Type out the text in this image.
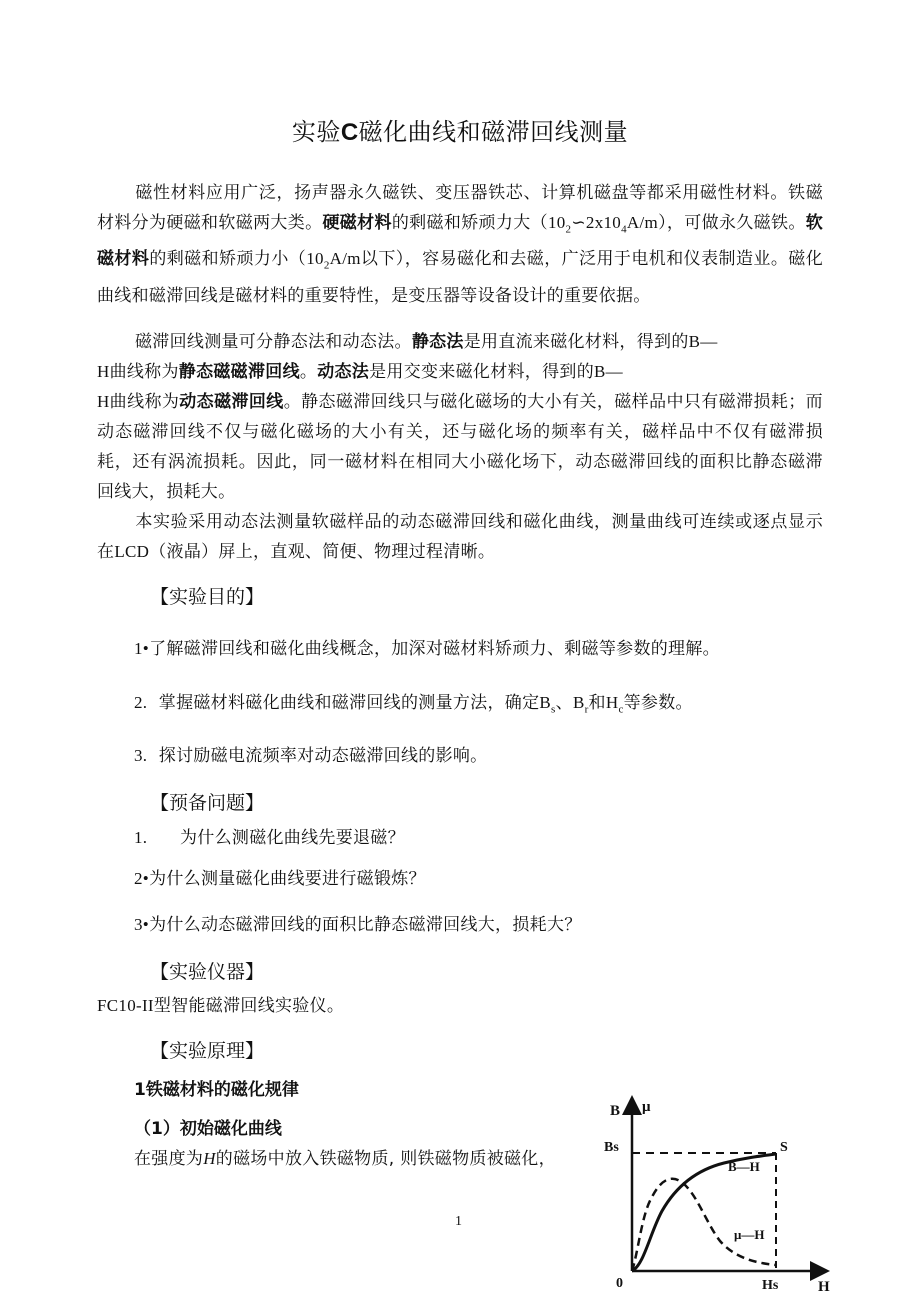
实验C磁化曲线和磁滞回线测量
磁性材料应用广泛，扬声器永久磁铁、变压器铁芯、计算机磁盘等都采用磁性材料。铁磁材料分为硬磁和软磁两大类。硬磁材料的剩磁和矫顽力大$(10_2∽2x10_4A/m)$，可做永久磁铁。软磁材料的剩磁和矫顽力小（$10_2A/m$以下），容易磁化和去磁，广泛用于电机和仪表制造业。磁化曲线和磁滞回线是磁材料的重要特性，是变压器等设备设计的重要依据。
磁滞回线测量可分静态法和动态法。静态法是用直流来磁化材料，得到的B—
H曲线称为静态磁磁滞回线。动态法是用交变来磁化材料，得到的B—
H曲线称为动态磁滞回线。静态磁滞回线只与磁化磁场的大小有关，磁样品中只有磁滞损耗；而动态磁滞回线不仅与磁化磁场的大小有关，还与磁化场的频率有关，磁样品中不仅有磁滞损耗，还有涡流损耗。因此，同一磁材料在相同大小磁化场下，动态磁滞回线的面积比静态磁滞回线大，损耗大。
本实验采用动态法测量软磁样品的动态磁滞回线和磁化曲线，测量曲线可连续或逐点显示在LCD（液晶）屏上，直观、简便、物理过程清晰。
【实验目的】
1•了解磁滞回线和磁化曲线概念，加深对磁材料矫顽力、剩磁等参数的理解。
2. 掌握磁材料磁化曲线和磁滞回线的测量方法，确定$B_s$、$B_r$和$H_c$等参数。
3. 探讨励磁电流频率对动态磁滞回线的影响。
【预备问题】
1. 为什么测磁化曲线先要退磁？
2•为什么测量磁化曲线要进行磁锻炼？
3•为什么动态磁滞回线的面积比静态磁滞回线大，损耗大？
【实验仪器】
FC10-II型智能磁滞回线实验仪。
【实验原理】
1铁磁材料的磁化规律
（1）初始磁化曲线
在强度为H的磁场中放入铁磁物质, 则铁磁物质被磁化，
B μ
Bs	S
B—H
μ—H
0	Hs	H
1
